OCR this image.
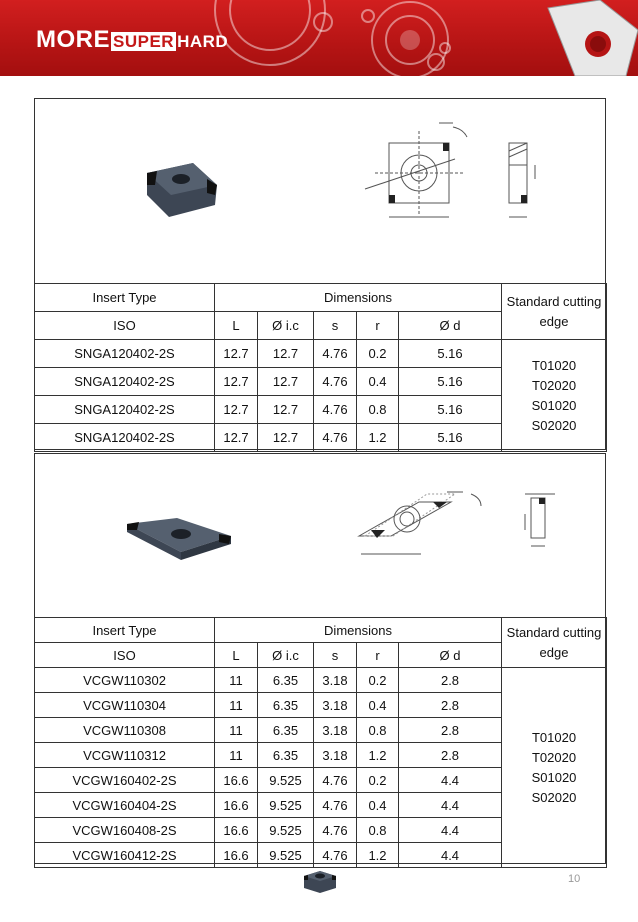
MORE SUPER HARD
Insert Type	Dimensions					Standard cutting edge
ISO	L	Ø i.c	s	r	Ø d	
SNGA120402-2S	12.7	12.7	4.76	0.2	5.16	T01020
T02020
S01020
S02020

SNGA120402-2S	12.7	12.7	4.76	0.4	5.16	
SNGA120402-2S	12.7	12.7	4.76	0.8	5.16	
SNGA120402-2S	12.7	12.7	4.76	1.2	5.16	
Insert Type	Dimensions					Standard cutting edge
ISO	L	Ø i.c	s	r	Ø d	
VCGW110302	11	6.35	3.18	0.2	2.8	T01020
T02020
S01020
S02020

VCGW110304	11	6.35	3.18	0.4	2.8	
VCGW110308	11	6.35	3.18	0.8	2.8	
VCGW110312	11	6.35	3.18	1.2	2.8	
VCGW160402-2S	16.6	9.525	4.76	0.2	4.4	
VCGW160404-2S	16.6	9.525	4.76	0.4	4.4	
VCGW160408-2S	16.6	9.525	4.76	0.8	4.4	
VCGW160412-2S	16.6	9.525	4.76	1.2	4.4	
10
